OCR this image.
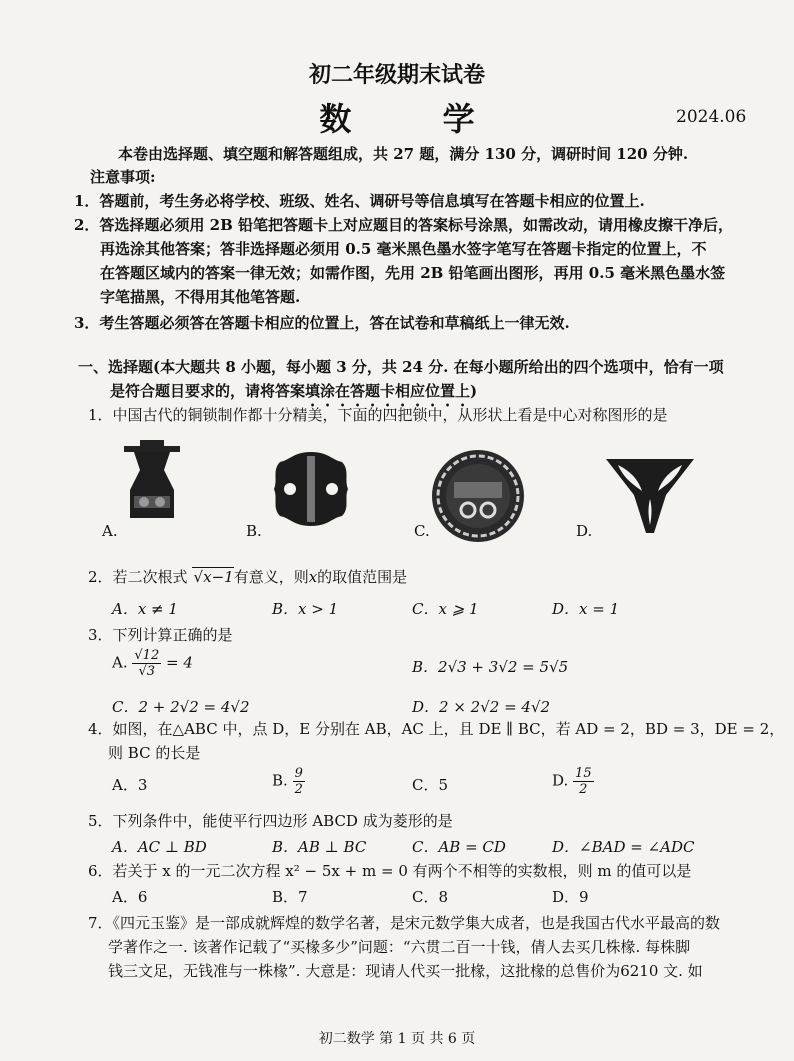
初二年级期末试卷
数 学	2024.06
本卷由选择题、填空题和解答题组成，共 27 题，满分 130 分，调研时间 120 分钟.
注意事项:
1．答题前，考生务必将学校、班级、姓名、调研号等信息填写在答题卡相应的位置上.
2．答选择题必须用 2B 铅笔把答题卡上对应题目的答案标号涂黑，如需改动，请用橡皮擦干净后，
再选涂其他答案；答非选择题必须用 0.5 毫米黑色墨水签字笔写在答题卡指定的位置上，不
在答题区域内的答案一律无效；如需作图，先用 2B 铅笔画出图形，再用 0.5 毫米黑色墨水签
字笔描黑，不得用其他笔答题.
3．考生答题必须答在答题卡相应的位置上，答在试卷和草稿纸上一律无效.
一、选择题(本大题共 8 小题，每小题 3 分，共 24 分. 在每小题所给出的四个选项中，恰有一项
是符合题目要求的，请将答案填涂在答题卡相应位置上)
1．中国古代的铜锁制作都十分精美，下面的四把锁中，从形状上看是中心对称图形的是
A.	B.	C.	D.
2．若二次根式 √x−1有意义，则x的取值范围是
A．x ≠ 1	B．x > 1	C．x ⩾ 1	D．x = 1
3．下列计算正确的是
A. $\frac{√12}{√3} = 4$	B．2√3 + 3√2 = 5√5
C．2 + 2√2 = 4√2	D．2 × 2√2 = 4√2
4．如图，在△ABC 中，点 D，E 分别在 AB，AC 上，且 DE ∥ BC，若 AD = 2，BD = 3，DE = 2，
则 BC 的长是
A．3	B. $\frac{9}{2}$	C．5	D. $\frac{15}{2}$
5．下列条件中，能使平行四边形 ABCD 成为菱形的是
A．AC ⊥ BD	B．AB ⊥ BC	C．AB = CD	D．∠BAD = ∠ADC
6．若关于 x 的一元二次方程 x² − 5x + m = 0 有两个不相等的实数根，则 m 的值可以是
A．6	B．7	C．8	D．9
7．《四元玉鉴》是一部成就辉煌的数学名著，是宋元数学集大成者，也是我国古代水平最高的数
学著作之一. 该著作记载了“买椽多少”问题：“六贯二百一十钱，倩人去买几株椽. 每株脚
钱三文足，无钱准与一株椽”. 大意是：现请人代买一批椽，这批椽的总售价为6210 文. 如
初二数学 第 1 页 共 6 页
